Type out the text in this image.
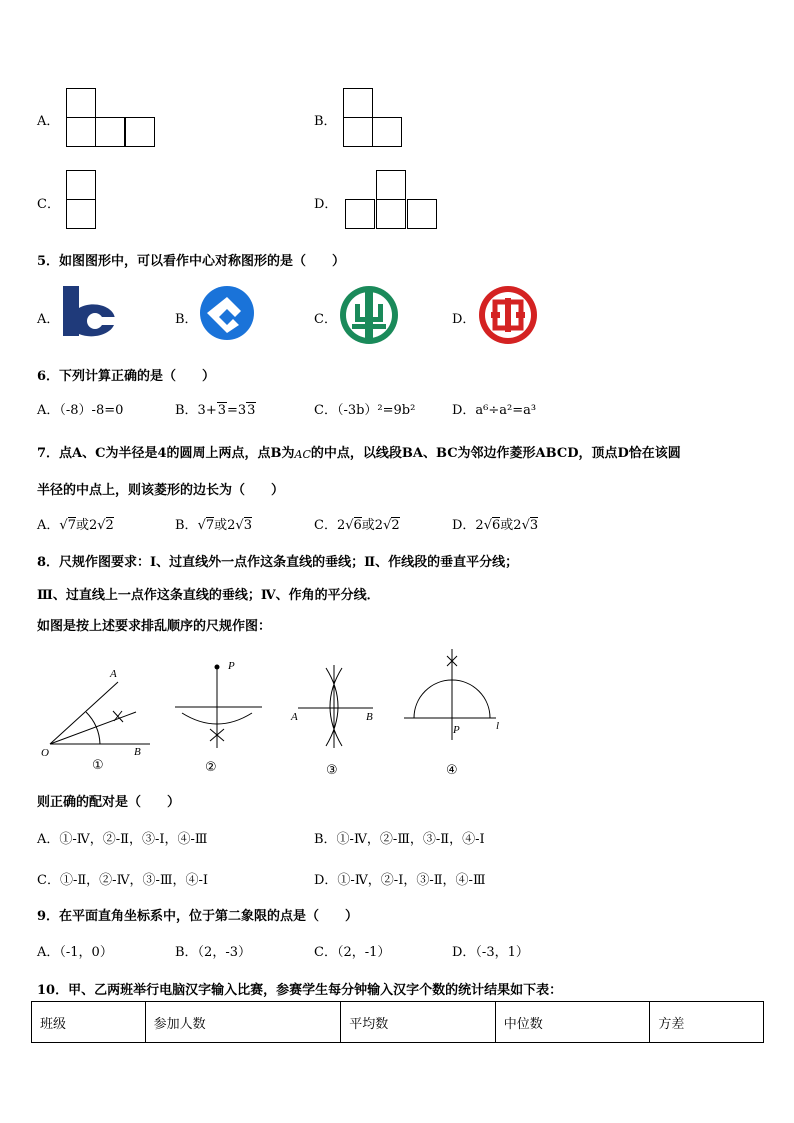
A．	B．
C．	D．
5．如图图形中，可以看作中心对称图形的是（　　）
A．	B．	C．	D．
6．下列计算正确的是（　　）
A．（-8）-8=0	B．3+3=33	C．（-3b）²=9b²	D．a⁶÷a²=a³
7．点A、C为半径是4的圆周上两点，点B为AC的中点，以线段BA、BC为邻边作菱形ABCD，顶点D恰在该圆
半径的中点上，则该菱形的边长为（　　）
A．√7或2√2	B．√7或2√3	C．2√6或2√2	D．2√6或2√3
8．尺规作图要求：Ⅰ、过直线外一点作这条直线的垂线；Ⅱ、作线段的垂直平分线；
Ⅲ、过直线上一点作这条直线的垂线；Ⅳ、作角的平分线．
如图是按上述要求排乱顺序的尺规作图：
A
O	B
①
P
②
A	B
③
P	l
④
则正确的配对是（　　）
A．①-Ⅳ，②-Ⅱ，③-Ⅰ，④-Ⅲ	B．①-Ⅳ，②-Ⅲ，③-Ⅱ，④-Ⅰ
C．①-Ⅱ，②-Ⅳ，③-Ⅲ，④-Ⅰ	D．①-Ⅳ，②-Ⅰ，③-Ⅱ，④-Ⅲ
9．在平面直角坐标系中，位于第二象限的点是（　　）
A．（-1，0）	B．（2，-3）	C．（2，-1）	D．（-3，1）
10．甲、乙两班举行电脑汉字输入比赛，参赛学生每分钟输入汉字个数的统计结果如下表：
班级	参加人数	平均数	中位数	方差
